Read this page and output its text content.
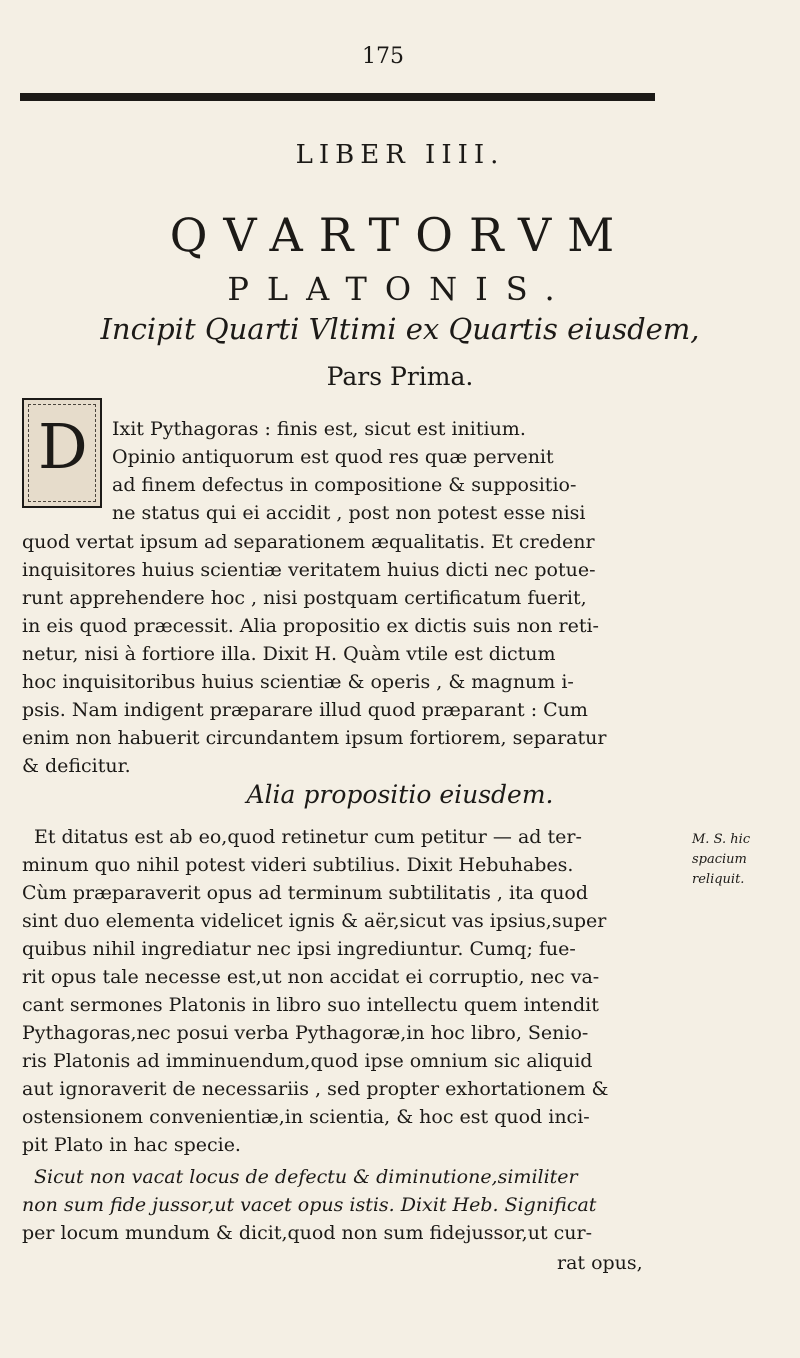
175
LIBER IIII.
QVARTORVM
PLATONIS.
Incipit Quarti Vltimi ex Quartis eiusdem,
Pars Prima.
D Ixit Pythagoras : finis est, sicut est initium.
Opinio antiquorum est quod res quæ pervenit
ad finem defectus in compositione & suppositio-
ne status qui ei accidit , post non potest esse nisi
quod vertat ipsum ad separationem æqualitatis. Et credenr
inquisitores huius scientiæ veritatem huius dicti nec potue-
runt apprehendere hoc , nisi postquam certificatum fuerit,
in eis quod præcessit. Alia propositio ex dictis suis non reti-
netur, nisi à fortiore illa. Dixit H. Quàm vtile est dictum
hoc inquisitoribus huius scientiæ & operis , & magnum i-
psis. Nam indigent præparare illud quod præparant : Cum
enim non habuerit circundantem ipsum fortiorem, separatur
& deficitur.
Alia propositio eiusdem.
Et ditatus est ab eo,quod retinetur cum petitur — ad ter-
minum quo nihil potest videri subtilius. Dixit Hebuhabes.
Cùm præparaverit opus ad terminum subtilitatis , ita quod
sint duo elementa videlicet ignis & aër,sicut vas ipsius,super
quibus nihil ingrediatur nec ipsi ingrediuntur. Cumq; fue-
rit opus tale necesse est,ut non accidat ei corruptio, nec va-
cant sermones Platonis in libro suo intellectu quem intendit
Pythagoras,nec posui verba Pythagoræ,in hoc libro, Senio-
ris Platonis ad imminuendum,quod ipse omnium sic aliquid
aut ignoraverit de necessariis , sed propter exhortationem &
ostensionem convenientiæ,in scientia, & hoc est quod inci-
pit Plato in hac specie.
Sicut non vacat locus de defectu & diminutione,similiter
non sum fide jussor,ut vacet opus istis. Dixit Heb. Significat
per locum mundum & dicit,quod non sum fidejussor,ut cur-
rat opus,
M. S. hic
spacium
reliquit.
